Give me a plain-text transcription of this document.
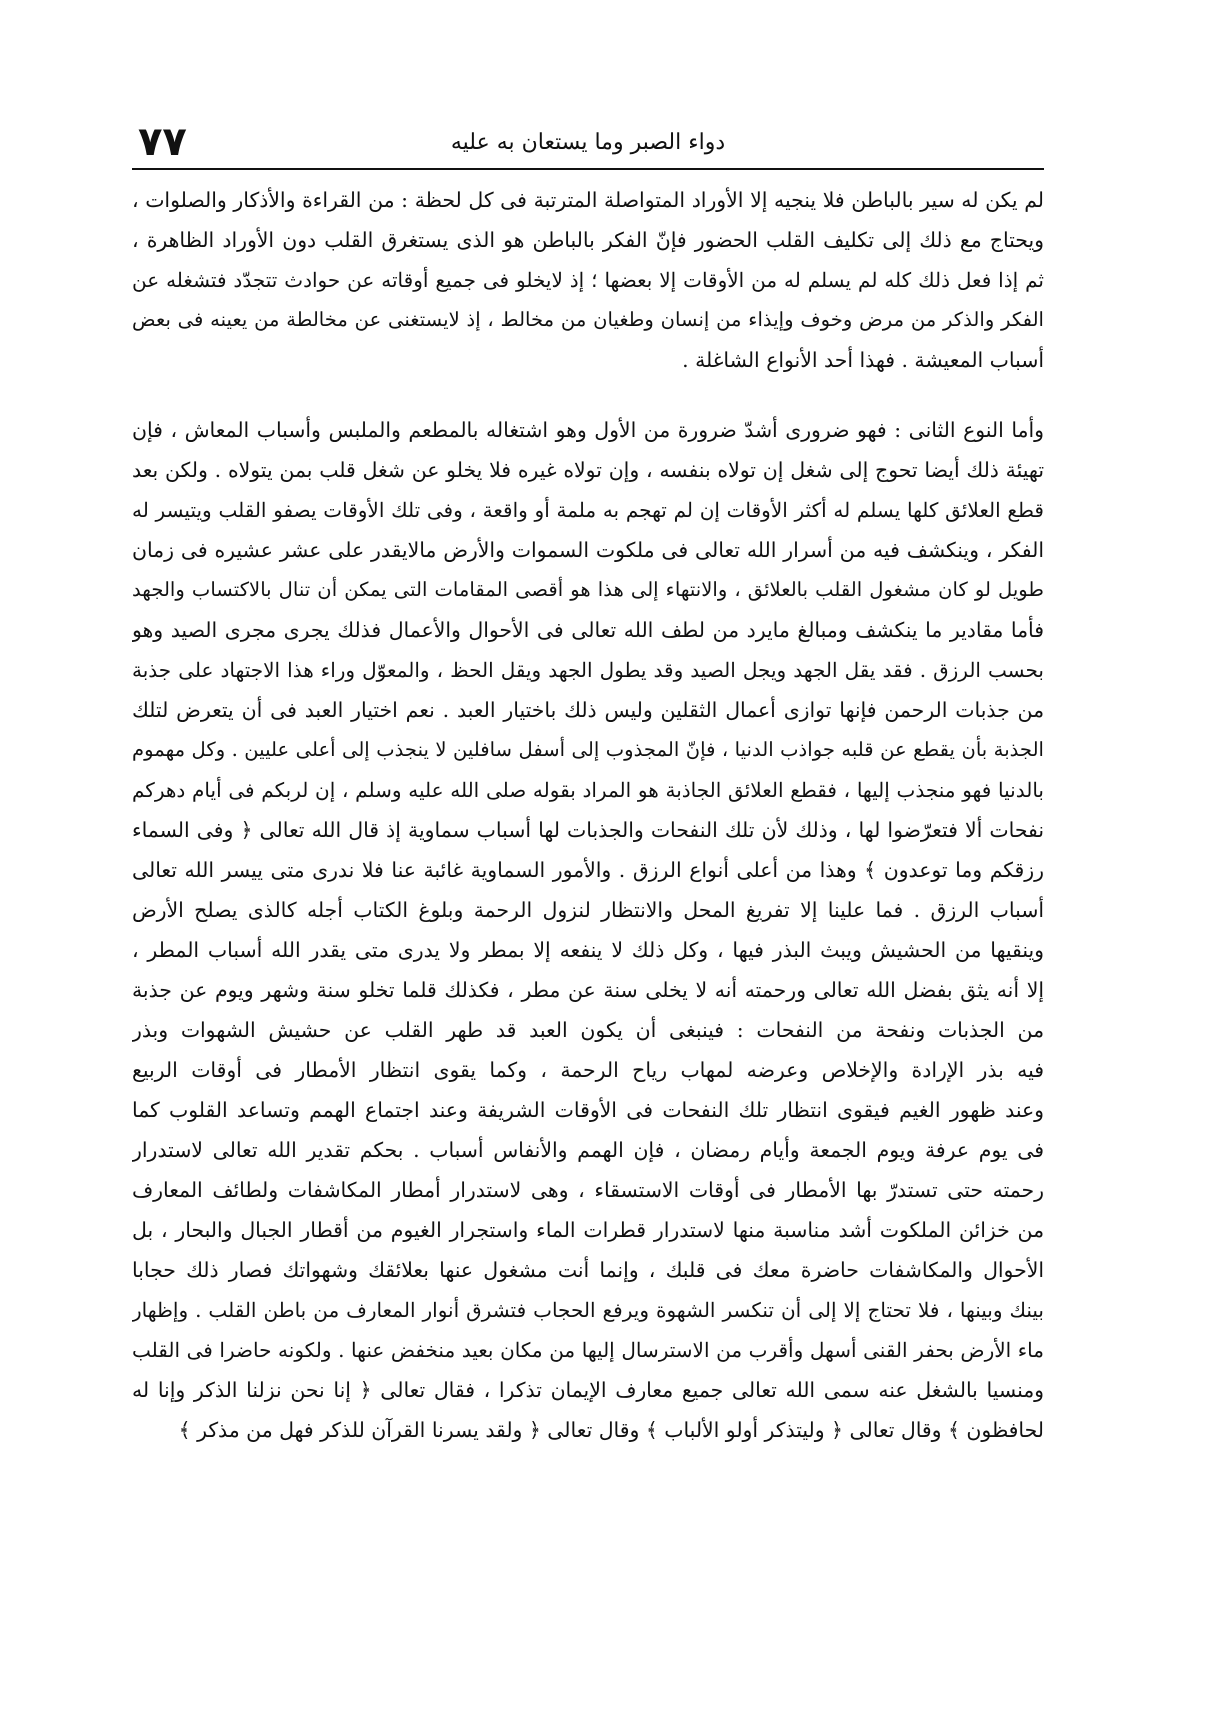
٧٧	دواء الصبر وما يستعان به عليه
لم يكن له سير بالباطن فلا ينجيه إلا الأوراد المتواصلة المترتبة فى كل لحظة : من القراءة والأذكار والصلوات ،
ويحتاج مع ذلك إلى تكليف القلب الحضور فإنّ الفكر بالباطن هو الذى يستغرق القلب دون الأوراد الظاهرة ،
ثم إذا فعل ذلك كله لم يسلم له من الأوقات إلا بعضها ؛ إذ لايخلو فى جميع أوقاته عن حوادث تتجدّد فتشغله عن
الفكر والذكر من مرض وخوف وإيذاء من إنسان وطغيان من مخالط ، إذ لايستغنى عن مخالطة من يعينه فى بعض
أسباب المعيشة . فهذا أحد الأنواع الشاغلة .
وأما النوع الثانى : فهو ضرورى أشدّ ضرورة من الأول وهو اشتغاله بالمطعم والملبس وأسباب المعاش ، فإن
تهيئة ذلك أيضا تحوج إلى شغل إن تولاه بنفسه ، وإن تولاه غيره فلا يخلو عن شغل قلب بمن يتولاه . ولكن بعد
قطع العلائق كلها يسلم له أكثر الأوقات إن لم تهجم به ملمة أو واقعة ، وفى تلك الأوقات يصفو القلب ويتيسر له
الفكر ، وينكشف فيه من أسرار الله تعالى فى ملكوت السموات والأرض مالايقدر على عشر عشيره فى زمان
طويل لو كان مشغول القلب بالعلائق ، والانتهاء إلى هذا هو أقصى المقامات التى يمكن أن تنال بالاكتساب والجهد
فأما مقادير ما ينكشف ومبالغ مايرد من لطف الله تعالى فى الأحوال والأعمال فذلك يجرى مجرى الصيد وهو
بحسب الرزق . فقد يقل الجهد ويجل الصيد وقد يطول الجهد ويقل الحظ ، والمعوّل وراء هذا الاجتهاد على جذبة
من جذبات الرحمن فإنها توازى أعمال الثقلين وليس ذلك باختيار العبد . نعم اختيار العبد فى أن يتعرض لتلك
الجذبة بأن يقطع عن قلبه جواذب الدنيا ، فإنّ المجذوب إلى أسفل سافلين لا ينجذب إلى أعلى عليين . وكل مهموم
بالدنيا فهو منجذب إليها ، فقطع العلائق الجاذبة هو المراد بقوله صلى الله عليه وسلم ، إن لربكم فى أيام دهركم
نفحات ألا فتعرّضوا لها ، وذلك لأن تلك النفحات والجذبات لها أسباب سماوية إذ قال الله تعالى ﴿ وفى السماء
رزقكم وما توعدون ﴾ وهذا من أعلى أنواع الرزق . والأمور السماوية غائبة عنا فلا ندرى متى ييسر الله تعالى
أسباب الرزق . فما علينا إلا تفريغ المحل والانتظار لنزول الرحمة وبلوغ الكتاب أجله كالذى يصلح الأرض
وينقيها من الحشيش ويبث البذر فيها ، وكل ذلك لا ينفعه إلا بمطر ولا يدرى متى يقدر الله أسباب المطر ،
إلا أنه يثق بفضل الله تعالى ورحمته أنه لا يخلى سنة عن مطر ، فكذلك قلما تخلو سنة وشهر ويوم عن جذبة
من الجذبات ونفحة من النفحات : فينبغى أن يكون العبد قد طهر القلب عن حشيش الشهوات وبذر
فيه بذر الإرادة والإخلاص وعرضه لمهاب رياح الرحمة ، وكما يقوى انتظار الأمطار فى أوقات الربيع
وعند ظهور الغيم فيقوى انتظار تلك النفحات فى الأوقات الشريفة وعند اجتماع الهمم وتساعد القلوب كما
فى يوم عرفة ويوم الجمعة وأيام رمضان ، فإن الهمم والأنفاس أسباب . بحكم تقدير الله تعالى لاستدرار
رحمته حتى تستدرّ بها الأمطار فى أوقات الاستسقاء ، وهى لاستدرار أمطار المكاشفات ولطائف المعارف
من خزائن الملكوت أشد مناسبة منها لاستدرار قطرات الماء واستجرار الغيوم من أقطار الجبال والبحار ، بل
الأحوال والمكاشفات حاضرة معك فى قلبك ، وإنما أنت مشغول عنها بعلائقك وشهواتك فصار ذلك حجابا
بينك وبينها ، فلا تحتاج إلا إلى أن تنكسر الشهوة ويرفع الحجاب فتشرق أنوار المعارف من باطن القلب . وإظهار
ماء الأرض بحفر القنى أسهل وأقرب من الاسترسال إليها من مكان بعيد منخفض عنها . ولكونه حاضرا فى القلب
ومنسيا بالشغل عنه سمى الله تعالى جميع معارف الإيمان تذكرا ، فقال تعالى ﴿ إنا نحن نزلنا الذكر وإنا له
لحافظون ﴾ وقال تعالى ﴿ وليتذكر أولو الألباب ﴾ وقال تعالى ﴿ ولقد يسرنا القرآن للذكر فهل من مذكر ﴾
